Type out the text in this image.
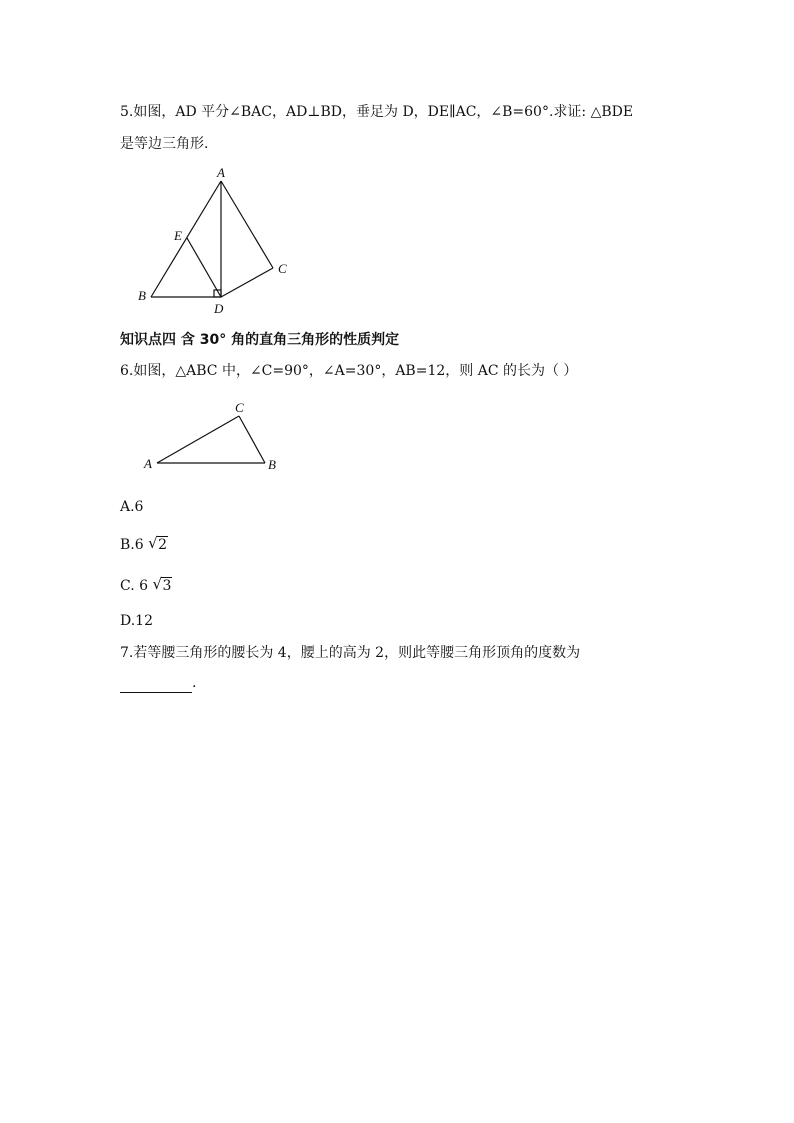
5.如图，AD 平分∠BAC，AD⊥BD，垂足为 D，DE∥AC，∠B=60°.求证: △BDE
是等边三角形.
A
E
C
B
D
知识点四 含 30° 角的直角三角形的性质判定
6.如图，△ABC 中，∠C=90°，∠A=30°，AB=12，则 AC 的长为（ ）
C
A	B
A.6
B.6 √ 2
C. 6 √ 3
D.12
7.若等腰三角形的腰长为 4，腰上的高为 2，则此等腰三角形顶角的度数为
.
